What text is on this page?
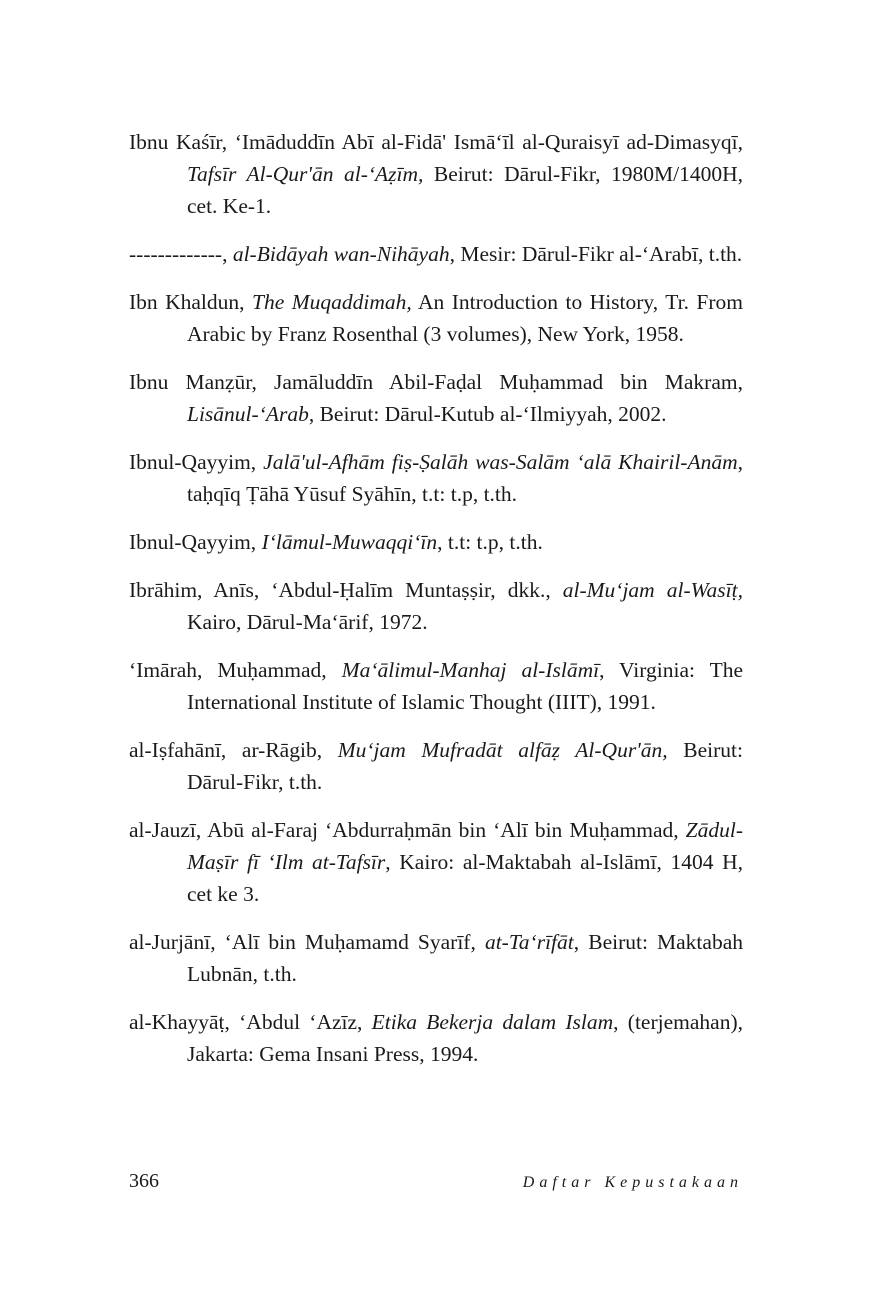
Ibnu Kaśīr, ‘Imāduddīn Abī al-Fidā' Ismā‘īl al-Quraisyī ad-Dimasyqī, Tafsīr Al-Qur'ān al-‘Aẓīm, Beirut: Dārul-Fikr, 1980M/1400H, cet. Ke-1.

-------------, al-Bidāyah wan-Nihāyah, Mesir: Dārul-Fikr al-‘Arabī, t.th.

Ibn Khaldun, The Muqaddimah, An Introduction to History, Tr. From Arabic by Franz Rosenthal (3 volumes), New York, 1958.

Ibnu Manẓūr, Jamāluddīn Abil-Faḍal Muḥammad bin Makram, Lisānul-‘Arab, Beirut: Dārul-Kutub al-‘Ilmiyyah, 2002.

Ibnul-Qayyim, Jalā'ul-Afhām fiṣ-Ṣalāh was-Salām ‘alā Khairil-Anām, taḥqīq Ṭāhā Yūsuf Syāhīn, t.t: t.p, t.th.

Ibnul-Qayyim, I‘lāmul-Muwaqqi‘īn, t.t: t.p, t.th.

Ibrāhim, Anīs, ‘Abdul-Ḥalīm Muntaṣṣir, dkk., al-Mu‘jam al-Wasīṭ, Kairo, Dārul-Ma‘ārif, 1972.

‘Imārah, Muḥammad, Ma‘ālimul-Manhaj al-Islāmī, Virginia: The International Institute of Islamic Thought (IIIT), 1991.

al-Iṣfahānī, ar-Rāgib, Mu‘jam Mufradāt alfāẓ Al-Qur'ān, Beirut: Dārul-Fikr, t.th.

al-Jauzī, Abū al-Faraj ‘Abdurraḥmān bin ‘Alī bin Muḥammad, Zādul-Maṣīr fī ‘Ilm at-Tafsīr, Kairo: al-Maktabah al-Islāmī, 1404 H, cet ke 3.

al-Jurjānī, ‘Alī bin Muḥamamd Syarīf, at-Ta‘rīfāt, Beirut: Maktabah Lubnān, t.th.

al-Khayyāṭ, ‘Abdul ‘Azīz, Etika Bekerja dalam Islam, (terjemahan), Jakarta: Gema Insani Press, 1994.

366	Daftar Kepustakaan
